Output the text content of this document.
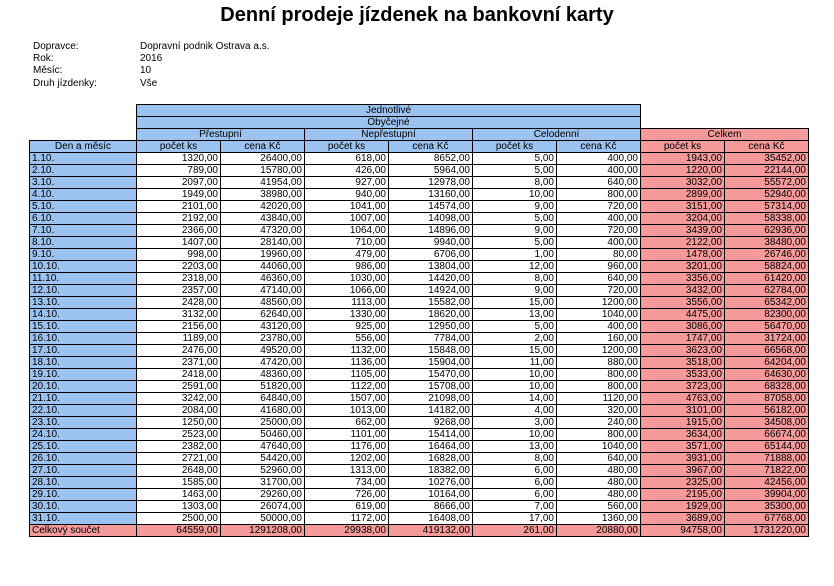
Denní prodeje jízdenek na bankovní karty
Dopravce:	Dopravní podnik Ostrava a.s.
Rok:	2016
Měsíc:	10
Druh jízdenky:	Vše
	Jednotlivé							
	Obyčejné							
	Přestupní		Nepřestupní		Celodenní		Celkem	
Den a měsíc	počet ks	cena Kč	počet ks	cena Kč	počet ks	cena Kč	počet ks	cena Kč
1.10.	1320,00	26400,00	618,00	8652,00	5,00	400,00	1943,00	35452,00
2.10.	789,00	15780,00	426,00	5964,00	5,00	400,00	1220,00	22144,00
3.10.	2097,00	41954,00	927,00	12978,00	8,00	640,00	3032,00	55572,00
4.10.	1949,00	38980,00	940,00	13160,00	10,00	800,00	2899,00	52940,00
5.10.	2101,00	42020,00	1041,00	14574,00	9,00	720,00	3151,00	57314,00
6.10.	2192,00	43840,00	1007,00	14098,00	5,00	400,00	3204,00	58338,00
7.10.	2366,00	47320,00	1064,00	14896,00	9,00	720,00	3439,00	62936,00
8.10.	1407,00	28140,00	710,00	9940,00	5,00	400,00	2122,00	38480,00
9.10.	998,00	19960,00	479,00	6706,00	1,00	80,00	1478,00	26746,00
10.10.	2203,00	44060,00	986,00	13804,00	12,00	960,00	3201,00	58824,00
11.10.	2318,00	46360,00	1030,00	14420,00	8,00	640,00	3356,00	61420,00
12.10.	2357,00	47140,00	1066,00	14924,00	9,00	720,00	3432,00	62784,00
13.10.	2428,00	48560,00	1113,00	15582,00	15,00	1200,00	3556,00	65342,00
14.10.	3132,00	62640,00	1330,00	18620,00	13,00	1040,00	4475,00	82300,00
15.10.	2156,00	43120,00	925,00	12950,00	5,00	400,00	3086,00	56470,00
16.10.	1189,00	23780,00	556,00	7784,00	2,00	160,00	1747,00	31724,00
17.10.	2476,00	49520,00	1132,00	15848,00	15,00	1200,00	3623,00	66568,00
18.10.	2371,00	47420,00	1136,00	15904,00	11,00	880,00	3518,00	64204,00
19.10.	2418,00	48360,00	1105,00	15470,00	10,00	800,00	3533,00	64630,00
20.10.	2591,00	51820,00	1122,00	15708,00	10,00	800,00	3723,00	68328,00
21.10.	3242,00	64840,00	1507,00	21098,00	14,00	1120,00	4763,00	87058,00
22.10.	2084,00	41680,00	1013,00	14182,00	4,00	320,00	3101,00	56182,00
23.10.	1250,00	25000,00	662,00	9268,00	3,00	240,00	1915,00	34508,00
24.10.	2523,00	50460,00	1101,00	15414,00	10,00	800,00	3634,00	66674,00
25.10.	2382,00	47640,00	1176,00	16464,00	13,00	1040,00	3571,00	65144,00
26.10.	2721,00	54420,00	1202,00	16828,00	8,00	640,00	3931,00	71888,00
27.10.	2648,00	52960,00	1313,00	18382,00	6,00	480,00	3967,00	71822,00
28.10.	1585,00	31700,00	734,00	10276,00	6,00	480,00	2325,00	42456,00
29.10.	1463,00	29260,00	726,00	10164,00	6,00	480,00	2195,00	39904,00
30.10.	1303,00	26074,00	619,00	8666,00	7,00	560,00	1929,00	35300,00
31.10.	2500,00	50000,00	1172,00	16408,00	17,00	1360,00	3689,00	67768,00
Celkový součet	64559,00	1291208,00	29938,00	419132,00	261,00	20880,00	94758,00	1731220,00
